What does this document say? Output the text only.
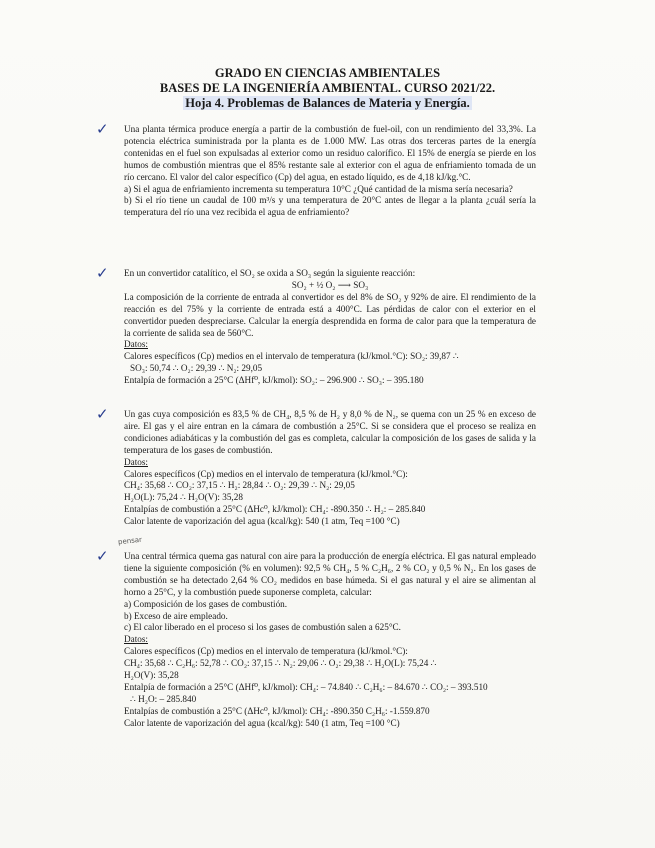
GRADO EN CIENCIAS AMBIENTALES
BASES DE LA INGENIERÍA AMBIENTAL. CURSO 2021/22.
Hoja 4. Problemas de Balances de Materia y Energía.
✓ Una planta térmica produce energía a partir de la combustión de fuel-oil, con un rendimiento del 33,3%. La potencia eléctrica suministrada por la planta es de 1.000 MW. Las otras dos terceras partes de la energía contenidas en el fuel son expulsadas al exterior como un residuo calorífico. El 15% de energía se pierde en los humos de combustión mientras que el 85% restante sale al exterior con el agua de enfriamiento tomada de un río cercano. El valor del calor específico (Cp) del agua, en estado líquido, es de 4,18 kJ/kg.°C.

a) Si el agua de enfriamiento incrementa su temperatura 10°C ¿Qué cantidad de la misma sería necesaria?

b) Si el río tiene un caudal de 100 m³/s y una temperatura de 20°C antes de llegar a la planta ¿cuál sería la temperatura del río una vez recibida el agua de enfriamiento?

✓ En un convertidor catalítico, el SO₂ se oxida a SO₃ según la siguiente reacción:

SO₂ + ½ O₂ ⟶ SO₃

La composición de la corriente de entrada al convertidor es del 8% de SO₂ y 92% de aire. El rendimiento de la reacción es del 75% y la corriente de entrada está a 400°C. Las pérdidas de calor con el exterior en el convertidor pueden despreciarse. Calcular la energía desprendida en forma de calor para que la temperatura de la corriente de salida sea de 560°C.

Datos:

Calores específicos (Cp) medios en el intervalo de temperatura (kJ/kmol.°C): SO₂: 39,87 ∴

SO₃: 50,74 ∴ O₂: 29,39 ∴ N₂: 29,05

Entalpía de formación a 25°C (ΔHf⁰, kJ/kmol): SO₂: – 296.900 ∴ SO₃: – 395.180

✓ Un gas cuya composición es 83,5 % de CH₄, 8,5 % de H₂ y 8,0 % de N₂, se quema con un 25 % en exceso de aire. El gas y el aire entran en la cámara de combustión a 25°C. Si se considera que el proceso se realiza en condiciones adiabáticas y la combustión del gas es completa, calcular la composición de los gases de salida y la temperatura de los gases de combustión.

Datos:

Calores específicos (Cp) medios en el intervalo de temperatura (kJ/kmol.°C):

CH₄: 35,68 ∴ CO₂: 37,15 ∴ H₂: 28,84 ∴ O₂: 29,39 ∴ N₂: 29,05

H₂O(L): 75,24 ∴ H₂O(V): 35,28

Entalpías de combustión a 25°C (ΔHc⁰, kJ/kmol): CH₄: -890.350 ∴ H₂: – 285.840

Calor latente de vaporización del agua (kcal/kg): 540 (1 atm, Teq =100 °C)

pensar
✓ Una central térmica quema gas natural con aire para la producción de energía eléctrica. El gas natural empleado tiene la siguiente composición (% en volumen): 92,5 % CH₄, 5 % C₂H₆, 2 % CO₂ y 0,5 % N₂. En los gases de combustión se ha detectado 2,64 % CO₂ medidos en base húmeda. Si el gas natural y el aire se alimentan al horno a 25°C, y la combustión puede suponerse completa, calcular:

a) Composición de los gases de combustión.

b) Exceso de aire empleado.

c) El calor liberado en el proceso si los gases de combustión salen a 625°C.

Datos:

Calores específicos (Cp) medios en el intervalo de temperatura (kJ/kmol.°C):

CH₄: 35,68 ∴ C₂H₆: 52,78 ∴ CO₂: 37,15 ∴ N₂: 29,06 ∴ O₂: 29,38 ∴ H₂O(L): 75,24 ∴

H₂O(V): 35,28

Entalpía de formación a 25°C (ΔHf⁰, kJ/kmol): CH₄: – 74.840 ∴ C₂H₆: – 84.670 ∴ CO₂: – 393.510

∴ H₂O: – 285.840

Entalpías de combustión a 25°C (ΔHc⁰, kJ/kmol): CH₄: -890.350 C₂H₆: -1.559.870

Calor latente de vaporización del agua (kcal/kg): 540 (1 atm, Teq =100 °C)
